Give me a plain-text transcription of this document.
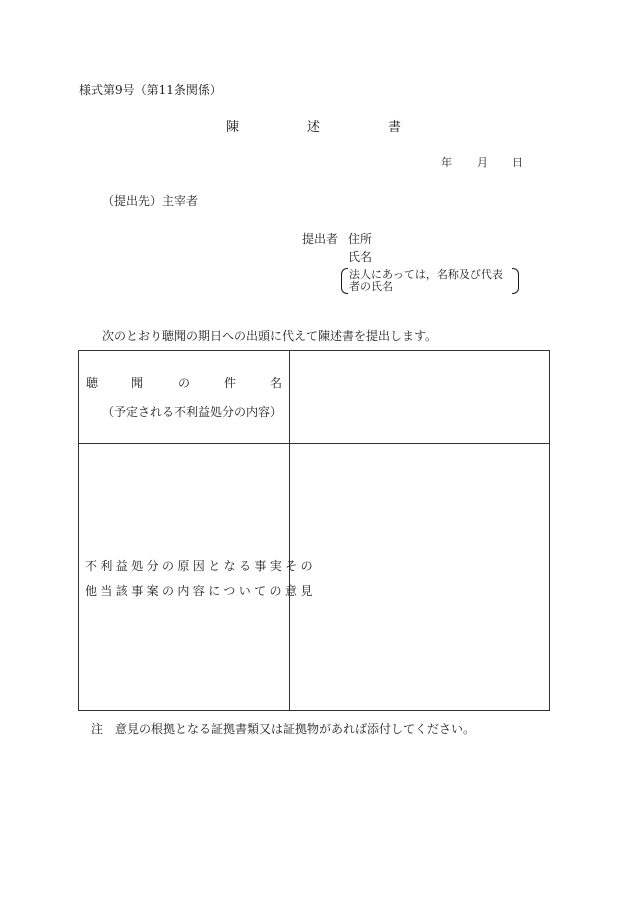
様式第9号（第11条関係）
陳	述	書
年 月 日
（提出先）主宰者
提出者 住所
氏名
法人にあっては，名称及び代表
者の氏名
次のとおり聴聞の期日への出頭に代えて陳述書を提出します。
聴	聞	の	件	名
（予定される不利益処分の内容）
不利益処分の原因となる事実その
他当該事案の内容についての意見
注　意見の根拠となる証拠書類又は証拠物があれば添付してください。
